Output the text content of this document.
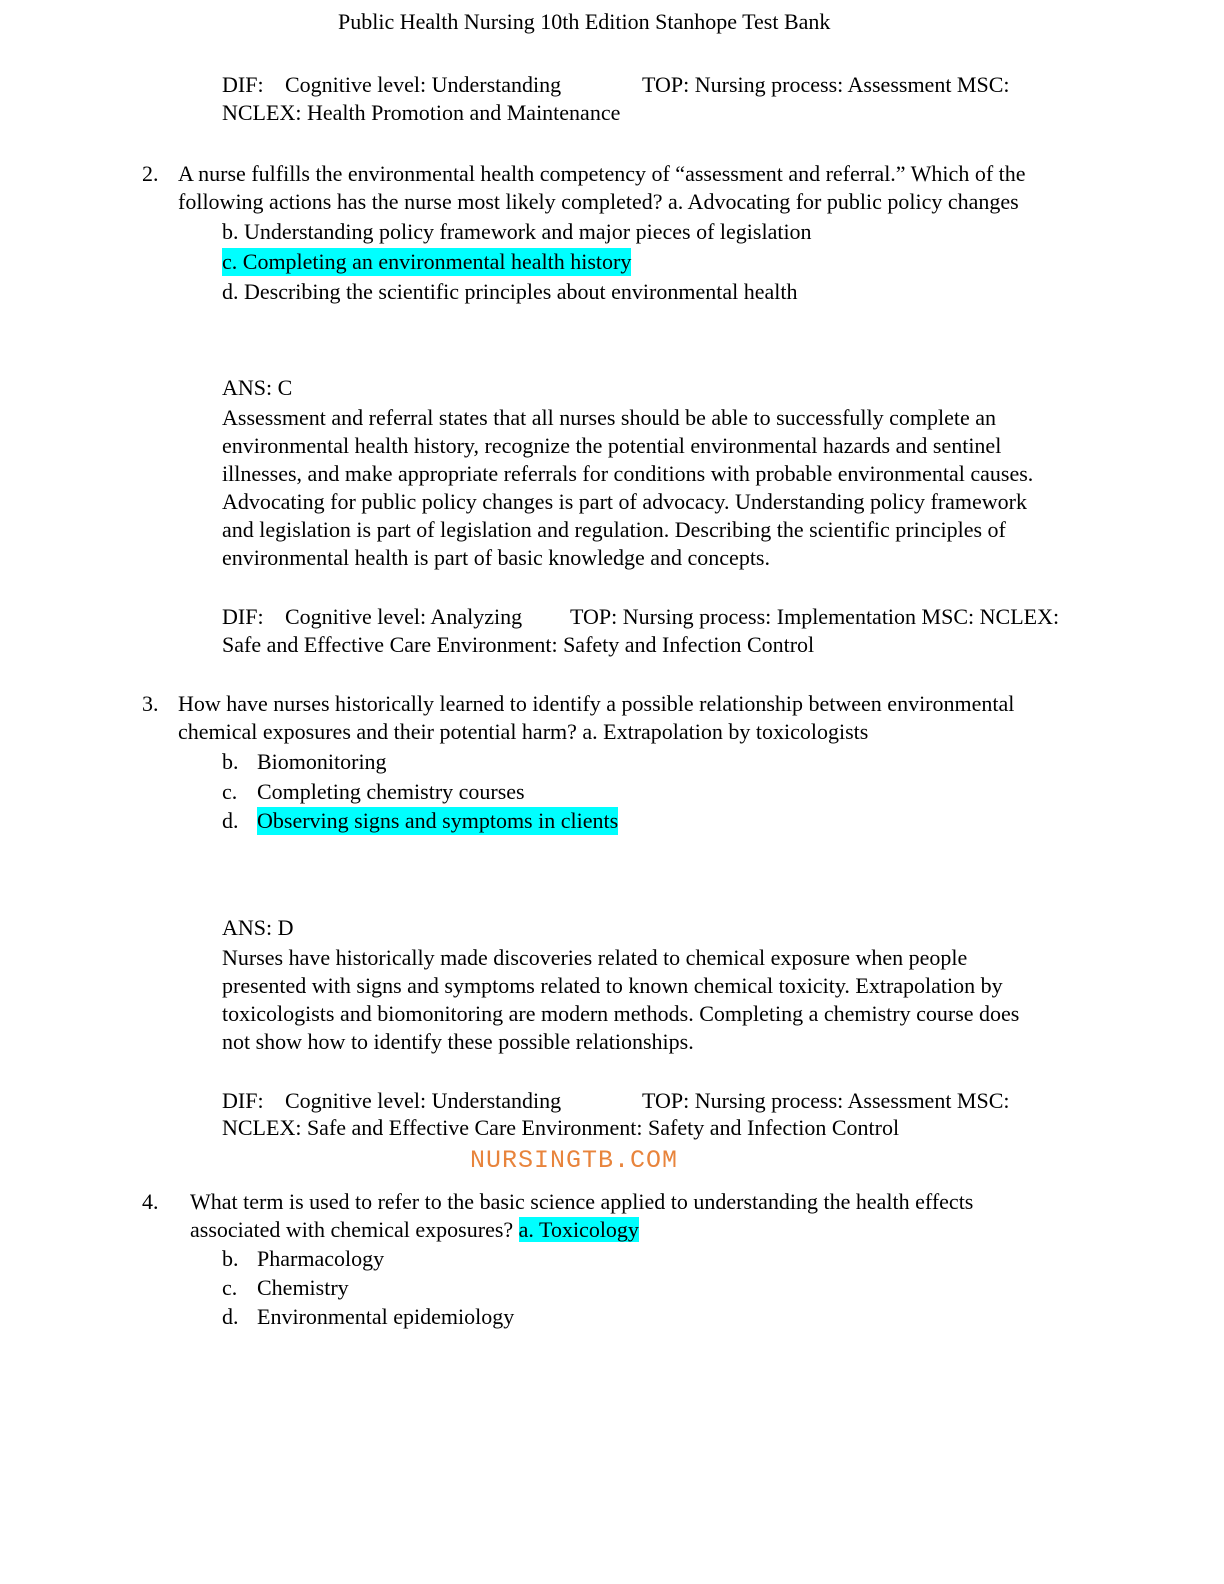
Public Health Nursing 10th Edition Stanhope Test Bank
DIF: Cognitive level: Understanding	TOP: Nursing process: Assessment MSC:
NCLEX: Health Promotion and Maintenance
2. A nurse fulfills the environmental health competency of “assessment and referral.” Which of the
following actions has the nurse most likely completed? a. Advocating for public policy changes
b. Understanding policy framework and major pieces of legislation
c. Completing an environmental health history
d. Describing the scientific principles about environmental health
ANS: C
Assessment and referral states that all nurses should be able to successfully complete an
environmental health history, recognize the potential environmental hazards and sentinel
illnesses, and make appropriate referrals for conditions with probable environmental causes.
Advocating for public policy changes is part of advocacy. Understanding policy framework
and legislation is part of legislation and regulation. Describing the scientific principles of
environmental health is part of basic knowledge and concepts.
DIF: Cognitive level: Analyzing TOP: Nursing process: Implementation MSC: NCLEX:
Safe and Effective Care Environment: Safety and Infection Control
3. How have nurses historically learned to identify a possible relationship between environmental
chemical exposures and their potential harm? a. Extrapolation by toxicologists
b. Biomonitoring
c. Completing chemistry courses
d. Observing signs and symptoms in clients
ANS: D
Nurses have historically made discoveries related to chemical exposure when people
presented with signs and symptoms related to known chemical toxicity. Extrapolation by
toxicologists and biomonitoring are modern methods. Completing a chemistry course does
not show how to identify these possible relationships.
DIF: Cognitive level: Understanding	TOP: Nursing process: Assessment MSC:
NCLEX: Safe and Effective Care Environment: Safety and Infection Control
NURSINGTB.COM
4. What term is used to refer to the basic science applied to understanding the health effects
associated with chemical exposures? a. Toxicology
b. Pharmacology
c. Chemistry
d. Environmental epidemiology
